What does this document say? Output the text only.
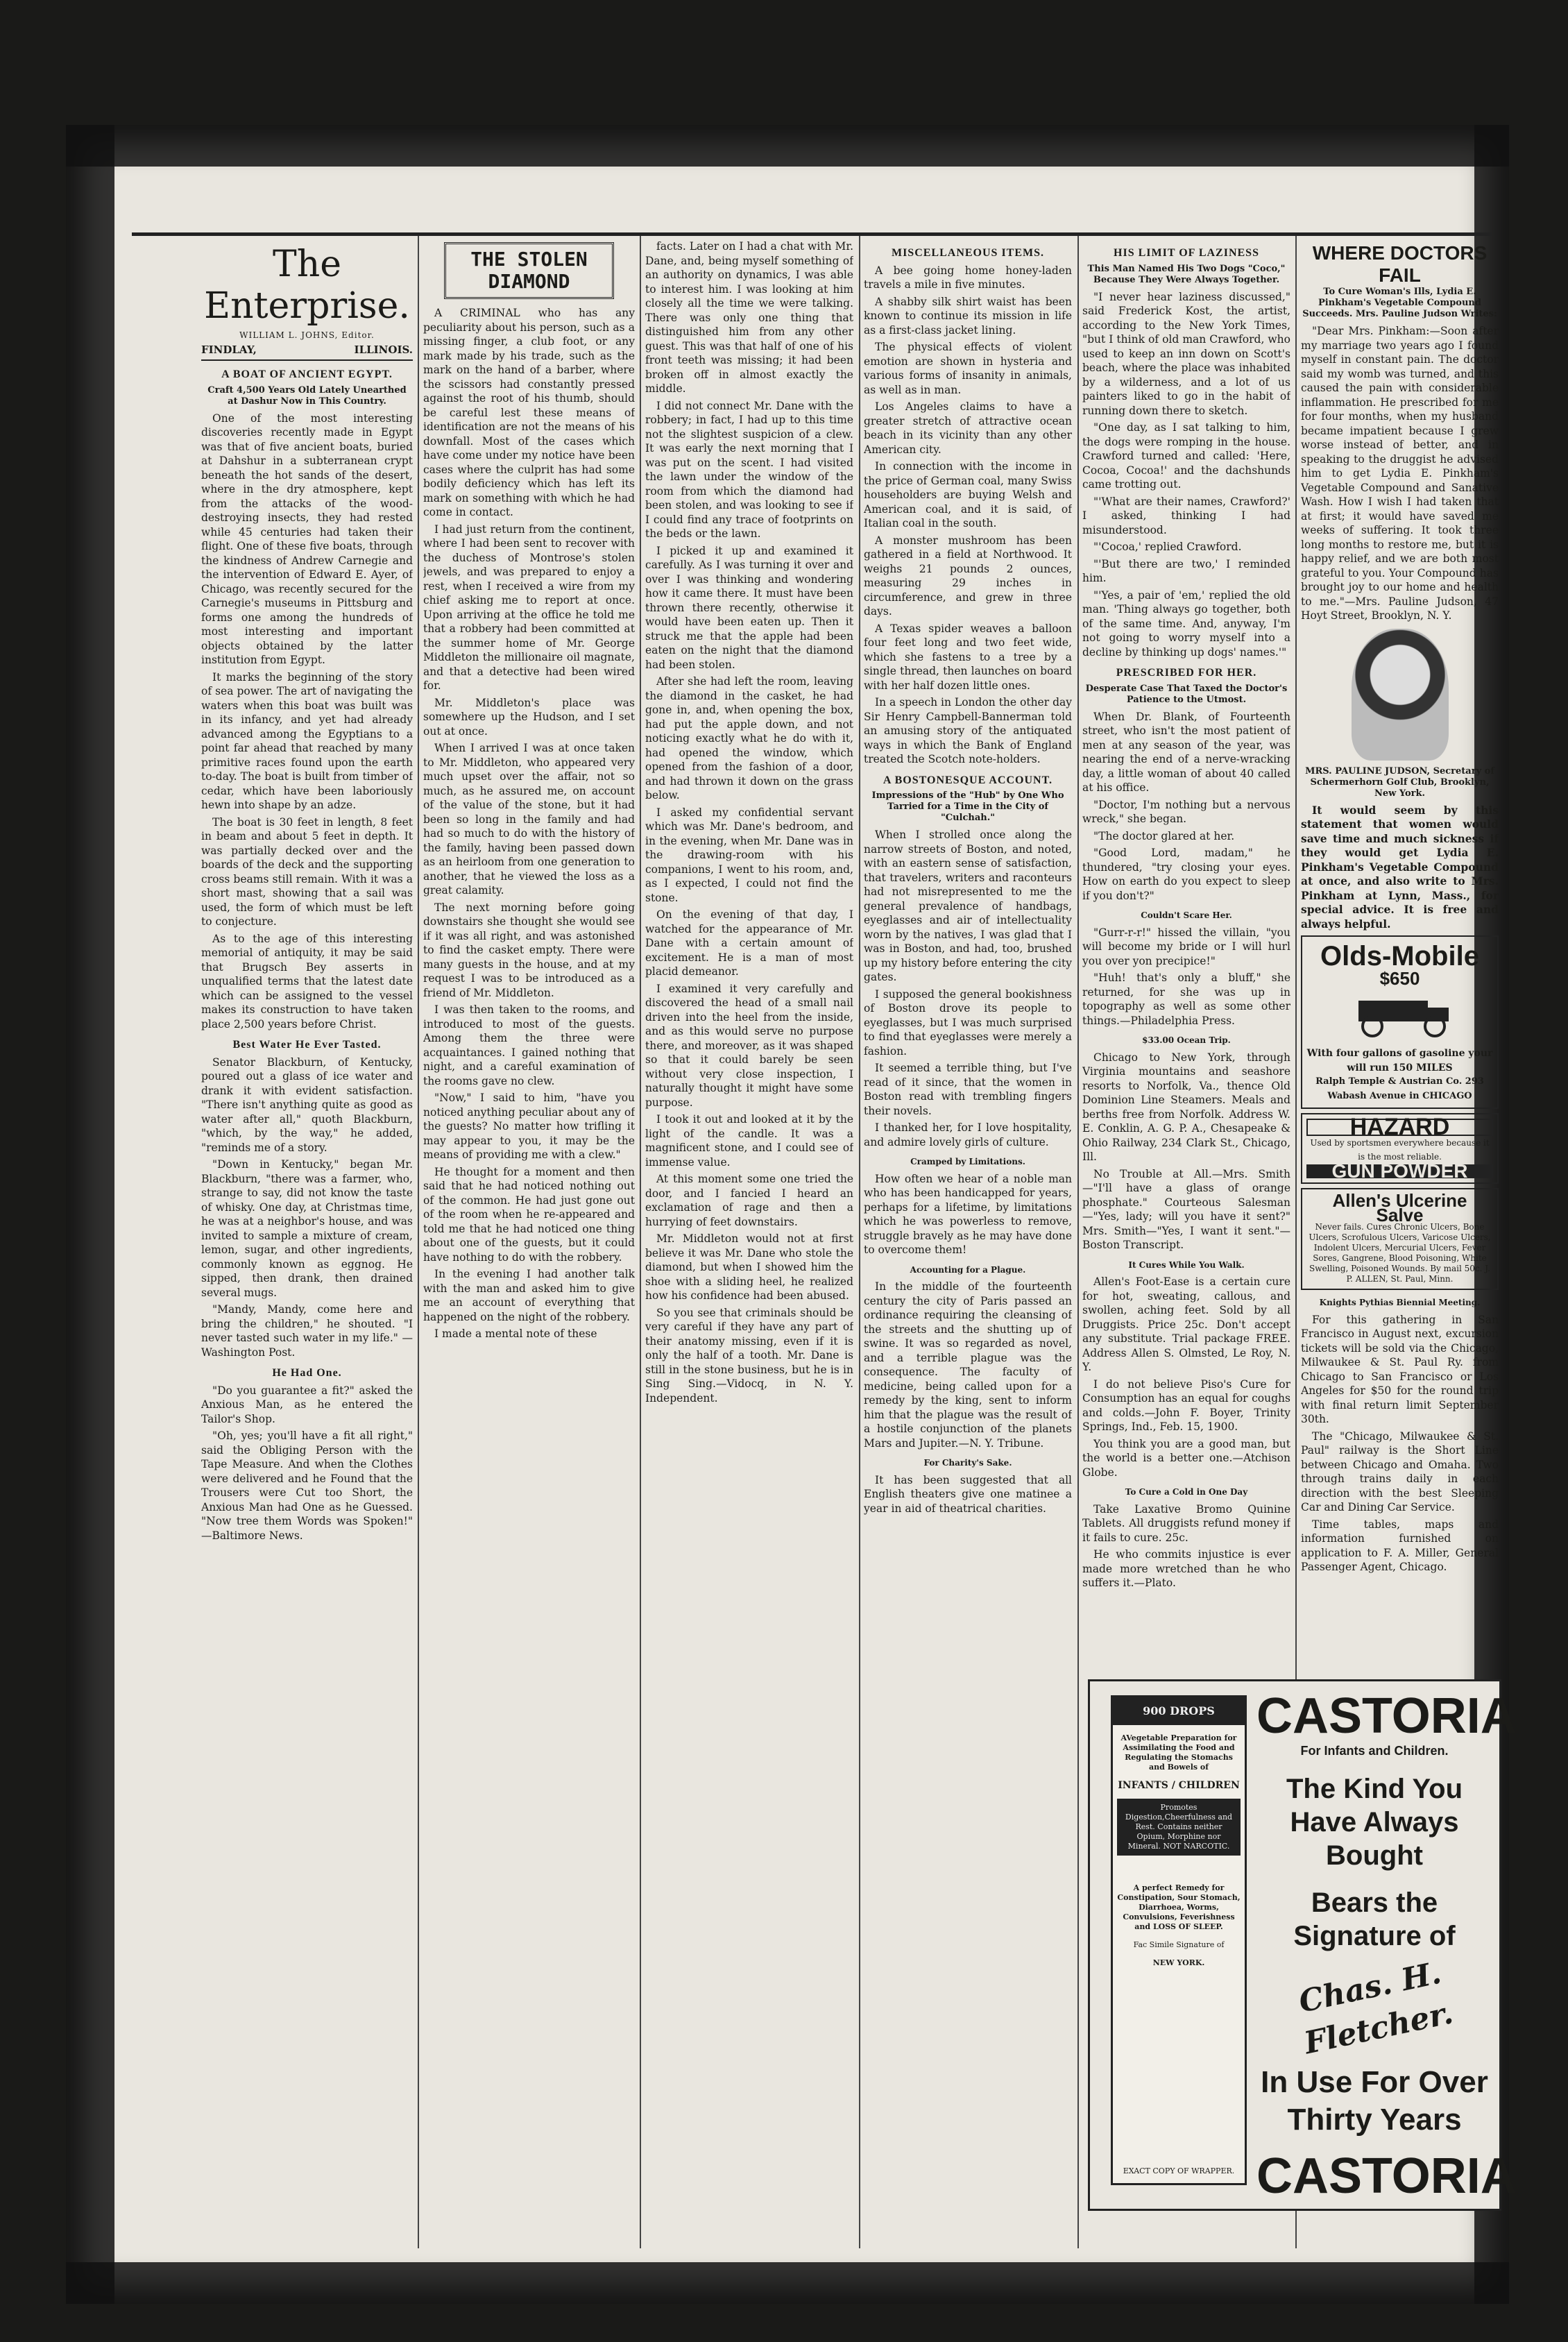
The Enterprise.
WILLIAM L. JOHNS, Editor.
FINDLAY,	ILLINOIS.
A BOAT OF ANCIENT EGYPT.
Craft 4,500 Years Old Lately Unearthed at Dashur Now in This Country.

One of the most interesting discoveries recently made in Egypt was that of five ancient boats, buried at Dahshur in a subterranean crypt beneath the hot sands of the desert, where in the dry atmosphere, kept from the attacks of the wood-destroying insects, they had rested while 45 centuries had taken their flight. One of these five boats, through the kindness of Andrew Carnegie and the intervention of Edward E. Ayer, of Chicago, was recently secured for the Carnegie's museums in Pittsburg and forms one among the hundreds of most interesting and important objects obtained by the latter institution from Egypt.

It marks the beginning of the story of sea power. The art of navigating the waters when this boat was built was in its infancy, and yet had already advanced among the Egyptians to a point far ahead that reached by many primitive races found upon the earth to-day. The boat is built from timber of cedar, which have been laboriously hewn into shape by an adze.

The boat is 30 feet in length, 8 feet in beam and about 5 feet in depth. It was partially decked over and the boards of the deck and the supporting cross beams still remain. With it was a short mast, showing that a sail was used, the form of which must be left to conjecture.

As to the age of this interesting memorial of antiquity, it may be said that Brugsch Bey asserts in unqualified terms that the latest date which can be assigned to the vessel makes its construction to have taken place 2,500 years before Christ.

Best Water He Ever Tasted.

Senator Blackburn, of Kentucky, poured out a glass of ice water and drank it with evident satisfaction. "There isn't anything quite as good as water after all," quoth Blackburn, "which, by the way," he added, "reminds me of a story.

"Down in Kentucky," began Mr. Blackburn, "there was a farmer, who, strange to say, did not know the taste of whisky. One day, at Christmas time, he was at a neighbor's house, and was invited to sample a mixture of cream, lemon, sugar, and other ingredients, commonly known as eggnog. He sipped, then drank, then drained several mugs.

"Mandy, Mandy, come here and bring the children," he shouted. "I never tasted such water in my life." —Washington Post.

He Had One.

"Do you guarantee a fit?" asked the Anxious Man, as he entered the Tailor's Shop.

"Oh, yes; you'll have a fit all right," said the Obliging Person with the Tape Measure. And when the Clothes were delivered and he Found that the Trousers were Cut too Short, the Anxious Man had One as he Guessed. "Now tree them Words was Spoken!" —Baltimore News.

THE STOLEN DIAMOND

A CRIMINAL who has any peculiarity about his person, such as a missing finger, a club foot, or any mark made by his trade, such as the mark on the hand of a barber, where the scissors had constantly pressed against the root of his thumb, should be careful lest these means of identification are not the means of his downfall. Most of the cases which have come under my notice have been cases where the culprit has had some bodily deficiency which has left its mark on something with which he had come in contact.

I had just return from the continent, where I had been sent to recover with the duchess of Montrose's stolen jewels, and was prepared to enjoy a rest, when I received a wire from my chief asking me to report at once. Upon arriving at the office he told me that a robbery had been committed at the summer home of Mr. George Middleton the millionaire oil magnate, and that a detective had been wired for.

Mr. Middleton's place was somewhere up the Hudson, and I set out at once.

When I arrived I was at once taken to Mr. Middleton, who appeared very much upset over the affair, not so much, as he assured me, on account of the value of the stone, but it had been so long in the family and had had so much to do with the history of the family, having been passed down as an heirloom from one generation to another, that he viewed the loss as a great calamity.

The next morning before going downstairs she thought she would see if it was all right, and was astonished to find the casket empty. There were many guests in the house, and at my request I was to be introduced as a friend of Mr. Middleton.

I was then taken to the rooms, and introduced to most of the guests. Among them the three were acquaintances. I gained nothing that night, and a careful examination of the rooms gave no clew.

"Now," I said to him, "have you noticed anything peculiar about any of the guests? No matter how trifling it may appear to you, it may be the means of providing me with a clew."

He thought for a moment and then said that he had noticed nothing out of the common. He had just gone out of the room when he re-appeared and told me that he had noticed one thing about one of the guests, but it could have nothing to do with the robbery.

In the evening I had another talk with the man and asked him to give me an account of everything that happened on the night of the robbery.

I made a mental note of these

facts. Later on I had a chat with Mr. Dane, and, being myself something of an authority on dynamics, I was able to interest him. I was looking at him closely all the time we were talking. There was only one thing that distinguished him from any other guest. This was that half of one of his front teeth was missing; it had been broken off in almost exactly the middle.

I did not connect Mr. Dane with the robbery; in fact, I had up to this time not the slightest suspicion of a clew. It was early the next morning that I was put on the scent. I had visited the lawn under the window of the room from which the diamond had been stolen, and was looking to see if I could find any trace of footprints on the beds or the lawn.

I picked it up and examined it carefully. As I was turning it over and over I was thinking and wondering how it came there. It must have been thrown there recently, otherwise it would have been eaten up. Then it struck me that the apple had been eaten on the night that the diamond had been stolen.

After she had left the room, leaving the diamond in the casket, he had gone in, and, when opening the box, had put the apple down, and not noticing exactly what he do with it, had opened the window, which opened from the fashion of a door, and had thrown it down on the grass below.

I asked my confidential servant which was Mr. Dane's bedroom, and in the evening, when Mr. Dane was in the drawing-room with his companions, I went to his room, and, as I expected, I could not find the stone.

On the evening of that day, I watched for the appearance of Mr. Dane with a certain amount of excitement. He is a man of most placid demeanor.

I examined it very carefully and discovered the head of a small nail driven into the heel from the inside, and as this would serve no purpose there, and moreover, as it was shaped so that it could barely be seen without very close inspection, I naturally thought it might have some purpose.

I took it out and looked at it by the light of the candle. It was a magnificent stone, and I could see of immense value.

At this moment some one tried the door, and I fancied I heard an exclamation of rage and then a hurrying of feet downstairs.

Mr. Middleton would not at first believe it was Mr. Dane who stole the diamond, but when I showed him the shoe with a sliding heel, he realized how his confidence had been abused.

So you see that criminals should be very careful if they have any part of their anatomy missing, even if it is only the half of a tooth. Mr. Dane is still in the stone business, but he is in Sing Sing.—Vidocq, in N. Y. Independent.

MISCELLANEOUS ITEMS.

A bee going home honey-laden travels a mile in five minutes.

A shabby silk shirt waist has been known to continue its mission in life as a first-class jacket lining.

The physical effects of violent emotion are shown in hysteria and various forms of insanity in animals, as well as in man.

Los Angeles claims to have a greater stretch of attractive ocean beach in its vicinity than any other American city.

In connection with the income in the price of German coal, many Swiss householders are buying Welsh and American coal, and it is said, of Italian coal in the south.

A monster mushroom has been gathered in a field at Northwood. It weighs 21 pounds 2 ounces, measuring 29 inches in circumference, and grew in three days.

A Texas spider weaves a balloon four feet long and two feet wide, which she fastens to a tree by a single thread, then launches on board with her half dozen little ones.

In a speech in London the other day Sir Henry Campbell-Bannerman told an amusing story of the antiquated ways in which the Bank of England treated the Scotch note-holders.

A BOSTONESQUE ACCOUNT.
Impressions of the "Hub" by One Who Tarried for a Time in the City of "Culchah."

When I strolled once along the narrow streets of Boston, and noted, with an eastern sense of satisfaction, that travelers, writers and raconteurs had not misrepresented to me the general prevalence of handbags, eyeglasses and air of intellectuality worn by the natives, I was glad that I was in Boston, and had, too, brushed up my history before entering the city gates.

I supposed the general bookishness of Boston drove its people to eyeglasses, but I was much surprised to find that eyeglasses were merely a fashion.

It seemed a terrible thing, but I've read of it since, that the women in Boston read with trembling fingers their novels.

I thanked her, for I love hospitality, and admire lovely girls of culture.

Cramped by Limitations.

How often we hear of a noble man who has been handicapped for years, perhaps for a lifetime, by limitations which he was powerless to remove, struggle bravely as he may have done to overcome them!

Accounting for a Plague.

In the middle of the fourteenth century the city of Paris passed an ordinance requiring the cleansing of the streets and the shutting up of swine. It was so regarded as novel, and a terrible plague was the consequence. The faculty of medicine, being called upon for a remedy by the king, sent to inform him that the plague was the result of a hostile conjunction of the planets Mars and Jupiter.—N. Y. Tribune.

For Charity's Sake.

It has been suggested that all English theaters give one matinee a year in aid of theatrical charities.

HIS LIMIT OF LAZINESS
This Man Named His Two Dogs "Coco," Because They Were Always Together.

"I never hear laziness discussed," said Frederick Kost, the artist, according to the New York Times, "but I think of old man Crawford, who used to keep an inn down on Scott's beach, where the place was inhabited by a wilderness, and a lot of us painters liked to go in the habit of running down there to sketch.

"One day, as I sat talking to him, the dogs were romping in the house. Crawford turned and called: 'Here, Cocoa, Cocoa!' and the dachshunds came trotting out.

"'What are their names, Crawford?' I asked, thinking I had misunderstood.

"'Cocoa,' replied Crawford.

"'But there are two,' I reminded him.

"'Yes, a pair of 'em,' replied the old man. 'Thing always go together, both of the same time. And, anyway, I'm not going to worry myself into a decline by thinking up dogs' names.'"

PRESCRIBED FOR HER.
Desperate Case That Taxed the Doctor's Patience to the Utmost.

When Dr. Blank, of Fourteenth street, who isn't the most patient of men at any season of the year, was nearing the end of a nerve-wracking day, a little woman of about 40 called at his office.

"Doctor, I'm nothing but a nervous wreck," she began.

"The doctor glared at her.

"Good Lord, madam," he thundered, "try closing your eyes. How on earth do you expect to sleep if you don't?"

Couldn't Scare Her.

"Gurr-r-r!" hissed the villain, "you will become my bride or I will hurl you over yon precipice!"

"Huh! that's only a bluff," she returned, for she was up in topography as well as some other things.—Philadelphia Press.

$33.00 Ocean Trip.

Chicago to New York, through Virginia mountains and seashore resorts to Norfolk, Va., thence Old Dominion Line Steamers. Meals and berths free from Norfolk. Address W. E. Conklin, A. G. P. A., Chesapeake & Ohio Railway, 234 Clark St., Chicago, Ill.

No Trouble at All.—Mrs. Smith—"I'll have a glass of orange phosphate." Courteous Salesman—"Yes, lady; will you have it sent?" Mrs. Smith—"Yes, I want it sent."—Boston Transcript.

It Cures While You Walk.

Allen's Foot-Ease is a certain cure for hot, sweating, callous, and swollen, aching feet. Sold by all Druggists. Price 25c. Don't accept any substitute. Trial package FREE. Address Allen S. Olmsted, Le Roy, N. Y.

I do not believe Piso's Cure for Consumption has an equal for coughs and colds.—John F. Boyer, Trinity Springs, Ind., Feb. 15, 1900.

You think you are a good man, but the world is a better one.—Atchison Globe.

To Cure a Cold in One Day

Take Laxative Bromo Quinine Tablets. All druggists refund money if it fails to cure. 25c.

He who commits injustice is ever made more wretched than he who suffers it.—Plato.

WHERE DOCTORS FAIL
To Cure Woman's Ills, Lydia E. Pinkham's Vegetable Compound Succeeds. Mrs. Pauline Judson Writes:

"Dear Mrs. Pinkham:—Soon after my marriage two years ago I found myself in constant pain. The doctor said my womb was turned, and this caused the pain with considerable inflammation. He prescribed for me for four months, when my husband became impatient because I grew worse instead of better, and in speaking to the druggist he advised him to get Lydia E. Pinkham's Vegetable Compound and Sanative Wash. How I wish I had taken that at first; it would have saved me weeks of suffering. It took three long months to restore me, but it is happy relief, and we are both most grateful to you. Your Compound has brought joy to our home and health to me."—Mrs. Pauline Judson, 47 Hoyt Street, Brooklyn, N. Y.

MRS. PAULINE JUDSON, Secretary of Schermerhorn Golf Club, Brooklyn, New York.

It would seem by this statement that women would save time and much sickness if they would get Lydia E. Pinkham's Vegetable Compound at once, and also write to Mrs. Pinkham at Lynn, Mass., for special advice. It is free and always helpful.

Olds-Mobile
$650
With four gallons of gasoline your will run 150 MILES
Ralph Temple & Austrian Co. 293 Wabash Avenue in CHICAGO
HAZARD
Used by sportsmen everywhere because it is the most reliable.
GUN POWDER
Allen's Ulcerine Salve
Never fails. Cures Chronic Ulcers, Bone Ulcers, Scrofulous Ulcers, Varicose Ulcers, Indolent Ulcers, Mercurial Ulcers, Fever Sores, Gangrene, Blood Poisoning, White Swelling, Poisoned Wounds. By mail 50c. J. P. ALLEN, St. Paul, Minn.
Knights Pythias Biennial Meeting.

For this gathering in San Francisco in August next, excursion tickets will be sold via the Chicago, Milwaukee & St. Paul Ry. from Chicago to San Francisco or Los Angeles for $50 for the round trip with final return limit September 30th.

The "Chicago, Milwaukee & St. Paul" railway is the Short Line between Chicago and Omaha. Two through trains daily in each direction with the best Sleeping Car and Dining Car Service.

Time tables, maps and information furnished on application to F. A. Miller, General Passenger Agent, Chicago.

900 DROPS
AVegetable Preparation for Assimilating the Food and Regulating the Stomachs and Bowels of
INFANTS / CHILDREN
Promotes Digestion,Cheerfulness and Rest. Contains neither Opium, Morphine nor Mineral. NOT NARCOTIC.
A perfect Remedy for Constipation, Sour Stomach, Diarrhoea, Worms, Convulsions, Feverishness and LOSS OF SLEEP.
Fac Simile Signature of
NEW YORK.
EXACT COPY OF WRAPPER.
CASTORIA
For Infants and Children.
The Kind You Have Always Bought
Bears the Signature of
Chas. H. Fletcher.
In Use For Over Thirty Years
CASTORIA
